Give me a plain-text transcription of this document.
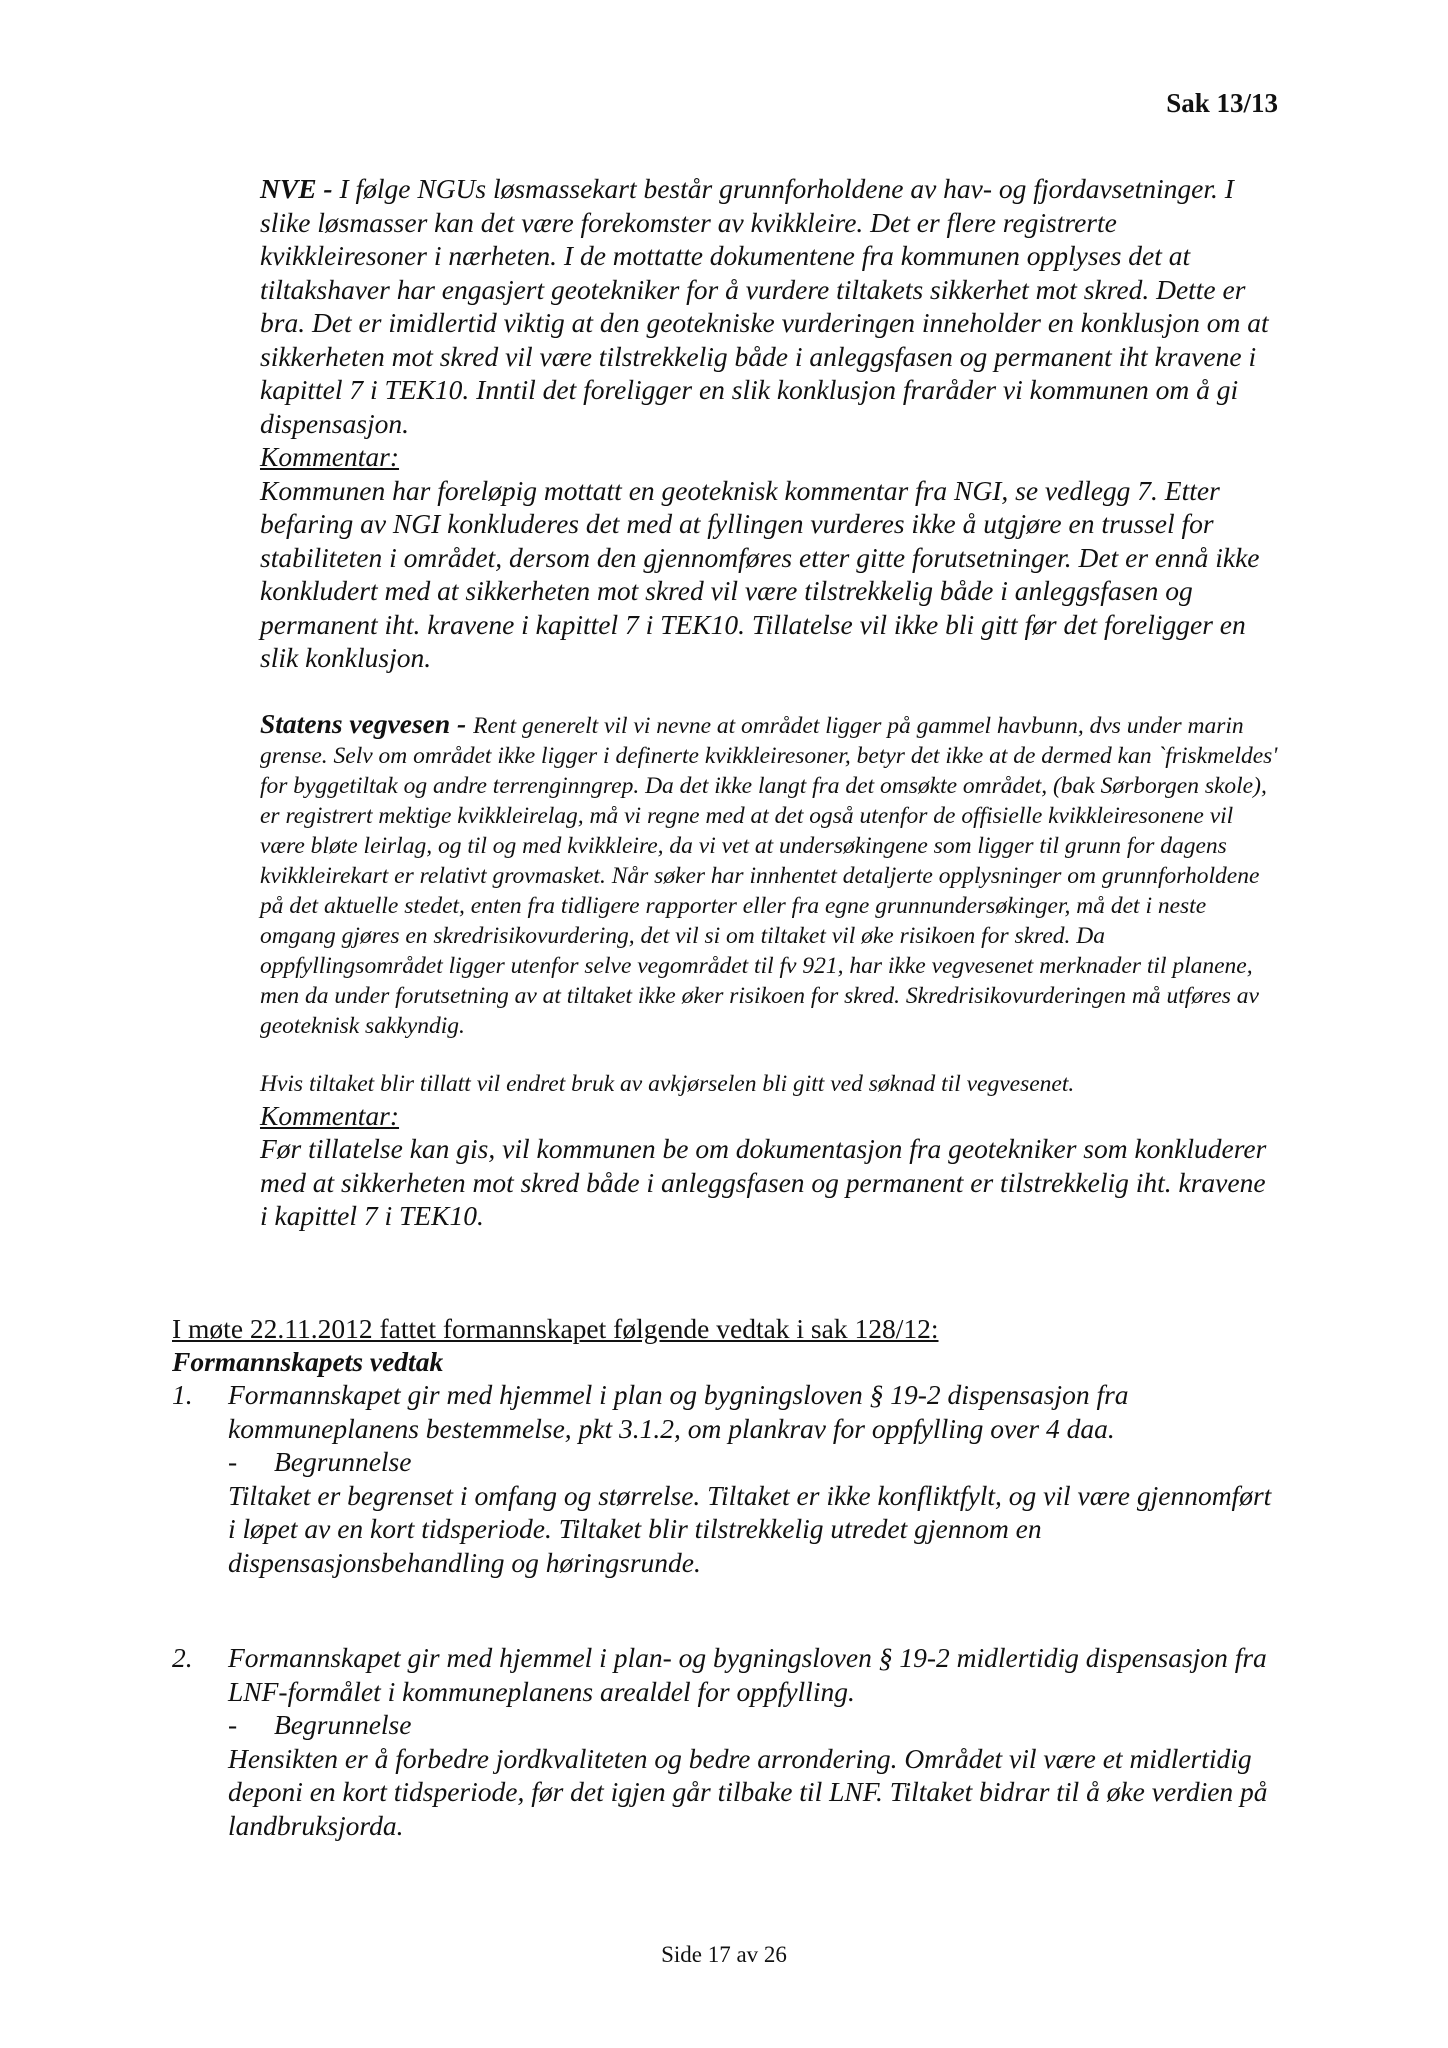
Sak 13/13

NVE - I følge NGUs løsmassekart består grunnforholdene av hav- og fjordavsetninger. I slike løsmasser kan det være forekomster av kvikkleire. Det er flere registrerte kvikkleiresoner i nærheten. I de mottatte dokumentene fra kommunen opplyses det at tiltakshaver har engasjert geotekniker for å vurdere tiltakets sikkerhet mot skred. Dette er bra. Det er imidlertid viktig at den geotekniske vurderingen inneholder en konklusjon om at sikkerheten mot skred vil være tilstrekkelig både i anleggsfasen og permanent iht kravene i kapittel 7 i TEK10. Inntil det foreligger en slik konklusjon fraråder vi kommunen om å gi dispensasjon.

Kommentar:

Kommunen har foreløpig mottatt en geoteknisk kommentar fra NGI, se vedlegg 7. Etter befaring av NGI konkluderes det med at fyllingen vurderes ikke å utgjøre en trussel for stabiliteten i området, dersom den gjennomføres etter gitte forutsetninger. Det er ennå ikke konkludert med at sikkerheten mot skred vil være tilstrekkelig både i anleggsfasen og permanent iht. kravene i kapittel 7 i TEK10. Tillatelse vil ikke bli gitt før det foreligger en slik konklusjon.

Statens vegvesen - Rent generelt vil vi nevne at området ligger på gammel havbunn, dvs under marin grense. Selv om området ikke ligger i definerte kvikkleiresoner, betyr det ikke at de dermed kan `friskmeldes' for byggetiltak og andre terrenginngrep. Da det ikke langt fra det omsøkte området, (bak Sørborgen skole), er registrert mektige kvikkleirelag, må vi regne med at det også utenfor de offisielle kvikkleiresonene vil være bløte leirlag, og til og med kvikkleire, da vi vet at undersøkingene som ligger til grunn for dagens kvikkleirekart er relativt grovmasket. Når søker har innhentet detaljerte opplysninger om grunnforholdene på det aktuelle stedet, enten fra tidligere rapporter eller fra egne grunnundersøkinger, må det i neste omgang gjøres en skredrisikovurdering, det vil si om tiltaket vil øke risikoen for skred. Da oppfyllingsområdet ligger utenfor selve vegområdet til fv 921, har ikke vegvesenet merknader til planene, men da under forutsetning av at tiltaket ikke øker risikoen for skred. Skredrisikovurderingen må utføres av geoteknisk sakkyndig.

Hvis tiltaket blir tillatt vil endret bruk av avkjørselen bli gitt ved søknad til vegvesenet.

Kommentar:

Før tillatelse kan gis, vil kommunen be om dokumentasjon fra geotekniker som konkluderer med at sikkerheten mot skred både i anleggsfasen og permanent er tilstrekkelig iht. kravene i kapittel 7 i TEK10.

I møte 22.11.2012 fattet formannskapet følgende vedtak i sak 128/12:

Formannskapets vedtak

1.	Formannskapet gir med hjemmel i plan og bygningsloven § 19-2 dispensasjon fra kommuneplanens bestemmelse, pkt 3.1.2, om plankrav for oppfylling over 4 daa.

-	Begrunnelse

Tiltaket er begrenset i omfang og størrelse. Tiltaket er ikke konfliktfylt, og vil være gjennomført i løpet av en kort tidsperiode. Tiltaket blir tilstrekkelig utredet gjennom en dispensasjonsbehandling og høringsrunde.

2.	Formannskapet gir med hjemmel i plan- og bygningsloven § 19-2 midlertidig dispensasjon fra LNF-formålet i kommuneplanens arealdel for oppfylling.

-	Begrunnelse

Hensikten er å forbedre jordkvaliteten og bedre arrondering. Området vil være et midlertidig deponi en kort tidsperiode, før det igjen går tilbake til LNF. Tiltaket bidrar til å øke verdien på landbruksjorda.

Side 17 av 26
